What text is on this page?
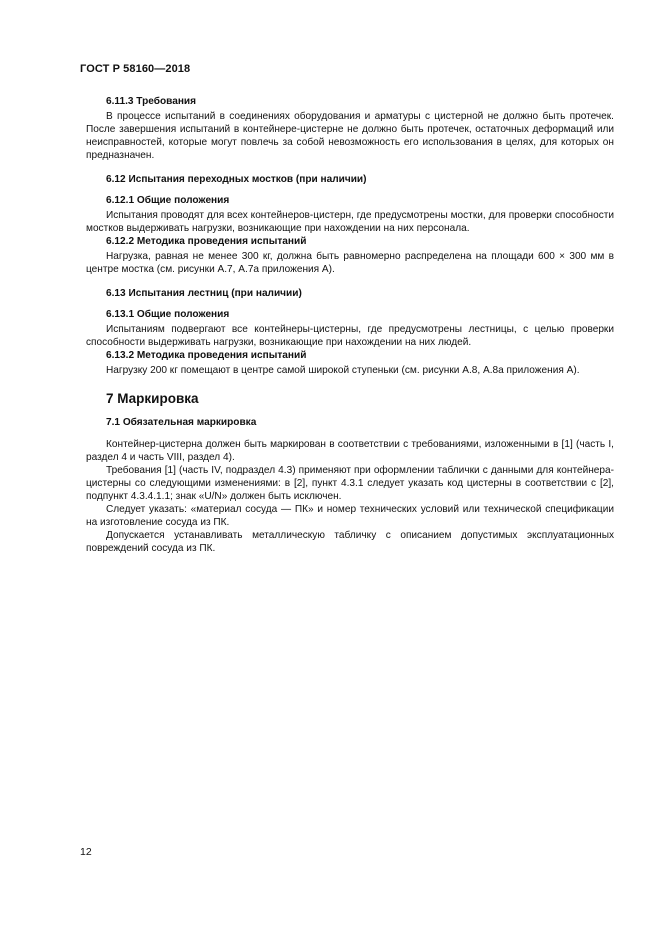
ГОСТ Р 58160—2018
6.11.3 Требования

В процессе испытаний в соединениях оборудования и арматуры с цистерной не должно быть протечек. После завершения испытаний в контейнере-цистерне не должно быть протечек, остаточных деформаций или неисправностей, которые могут повлечь за собой невозможность его использования в целях, для которых он предназначен.

6.12 Испытания переходных мостков (при наличии)
6.12.1 Общие положения

Испытания проводят для всех контейнеров-цистерн, где предусмотрены мостки, для проверки способности мостков выдерживать нагрузки, возникающие при нахождении на них персонала.

6.12.2 Методика проведения испытаний

Нагрузка, равная не менее 300 кг, должна быть равномерно распределена на площади 600 × 300 мм в центре мостка (см. рисунки А.7, А.7а приложения А).

6.13 Испытания лестниц (при наличии)
6.13.1 Общие положения

Испытаниям подвергают все контейнеры-цистерны, где предусмотрены лестницы, с целью проверки способности выдерживать нагрузки, возникающие при нахождении на них людей.

6.13.2 Методика проведения испытаний

Нагрузку 200 кг помещают в центре самой широкой ступеньки (см. рисунки А.8, А.8а приложения А).

7 Маркировка
7.1 Обязательная маркировка

Контейнер-цистерна должен быть маркирован в соответствии с требованиями, изложенными в [1] (часть I, раздел 4 и часть VIII, раздел 4).

Требования [1] (часть IV, подраздел 4.3) применяют при оформлении таблички с данными для контейнера-цистерны со следующими изменениями: в [2], пункт 4.3.1 следует указать код цистерны в соответствии с [2], подпункт 4.3.4.1.1; знак «U/N» должен быть исключен.

Следует указать: «материал сосуда — ПК» и номер технических условий или технической спецификации на изготовление сосуда из ПК.

Допускается устанавливать металлическую табличку с описанием допустимых эксплуатационных повреждений сосуда из ПК.

12
